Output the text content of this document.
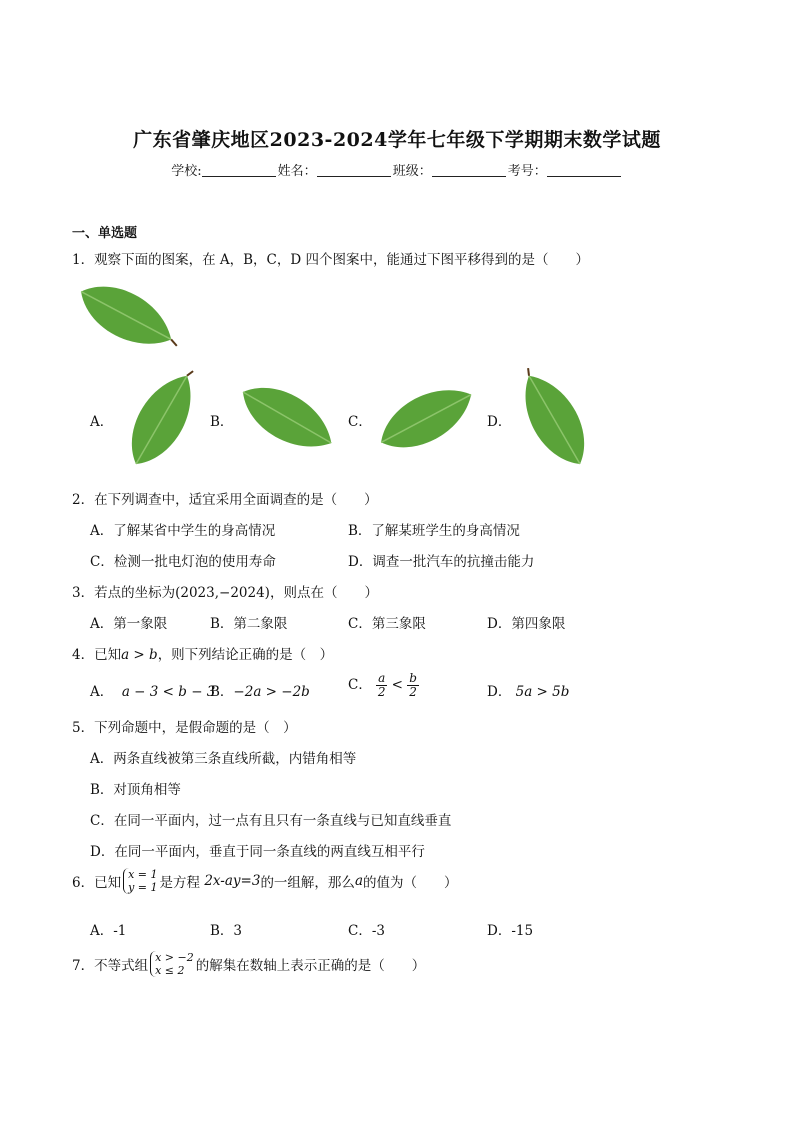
广东省肇庆地区2023-2024学年七年级下学期期末数学试题
学校:	姓名：	班级：	考号：
一、单选题
1．观察下面的图案，在 A，B，C，D 四个图案中，能通过下图平移得到的是（　　）
A．	B．	C．	D．
2．在下列调查中，适宜采用全面调查的是（　　）
A．了解某省中学生的身高情况	B．了解某班学生的身高情况
C．检测一批电灯泡的使用寿命	D．调查一批汽车的抗撞击能力
3．若点的坐标为(2023,−2024)，则点在（　　）
A．第一象限	B．第二象限	C．第三象限	D．第四象限
4．已知a > b，则下列结论正确的是（　）
A． a − 3 < b − 3
B．−2a > −2b	C． $\frac{a}{2} < \frac{b}{2}$	D． 5a > 5b
5．下列命题中，是假命题的是（　）
A．两条直线被第三条直线所截，内错角相等
B．对顶角相等
C．在同一平面内，过一点有且只有一条直线与已知直线垂直
D．在同一平面内，垂直于同一条直线的两直线互相平行
6．已知
x = 1
y = 1 是方程 2x-ay=3的一组解，那么a的值为（　　）
A．-1	B．3	C．-3	D．-15
7．不等式组
x > −2
x ≤ 2 的解集在数轴上表示正确的是（　　）
